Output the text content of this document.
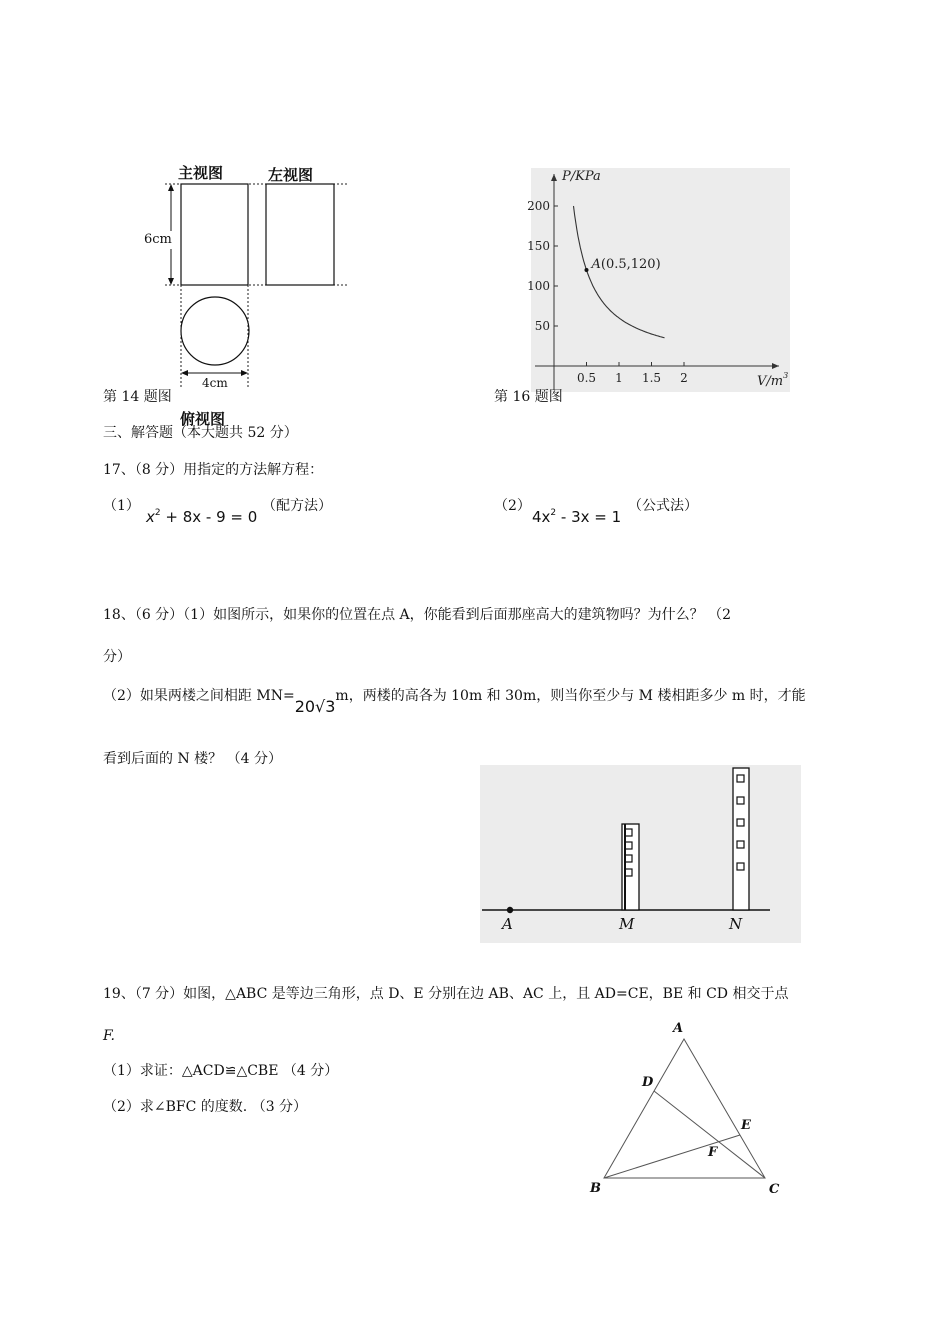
主视图	左视图
6cm
4cm
俯视图
第 14 题图
0.5 1 1.5 2
50
100
150
200
A(0.5,120)
P/KPa
$V/m^3$
第 16 题图
三、解答题（本大题共 52 分）
17、（8 分）用指定的方法解方程：
（1）
$x^2 + 8x - 9 = 0$
（配方法）	（2）
$4x^2 - 3x = 1$
（公式法）
18、（6 分）（1）如图所示，如果你的位置在点 A，你能看到后面那座高大的建筑物吗？为什么？ （2
分）
（2）如果两楼之间相距 MN=20√3m，两楼的高各为 10m 和 30m，则当你至少与 M 楼相距多少 m 时，才能
看到后面的 N 楼？ （4 分）
A	M	N
19、（7 分）如图，△ABC 是等边三角形，点 D、E 分别在边 AB、AC 上，且 AD=CE，BE 和 CD 相交于点
F.
（1）求证：△ACD≌△CBE （4 分）
（2）求∠BFC 的度数. （3 分）
A
D
E
F
B	C
